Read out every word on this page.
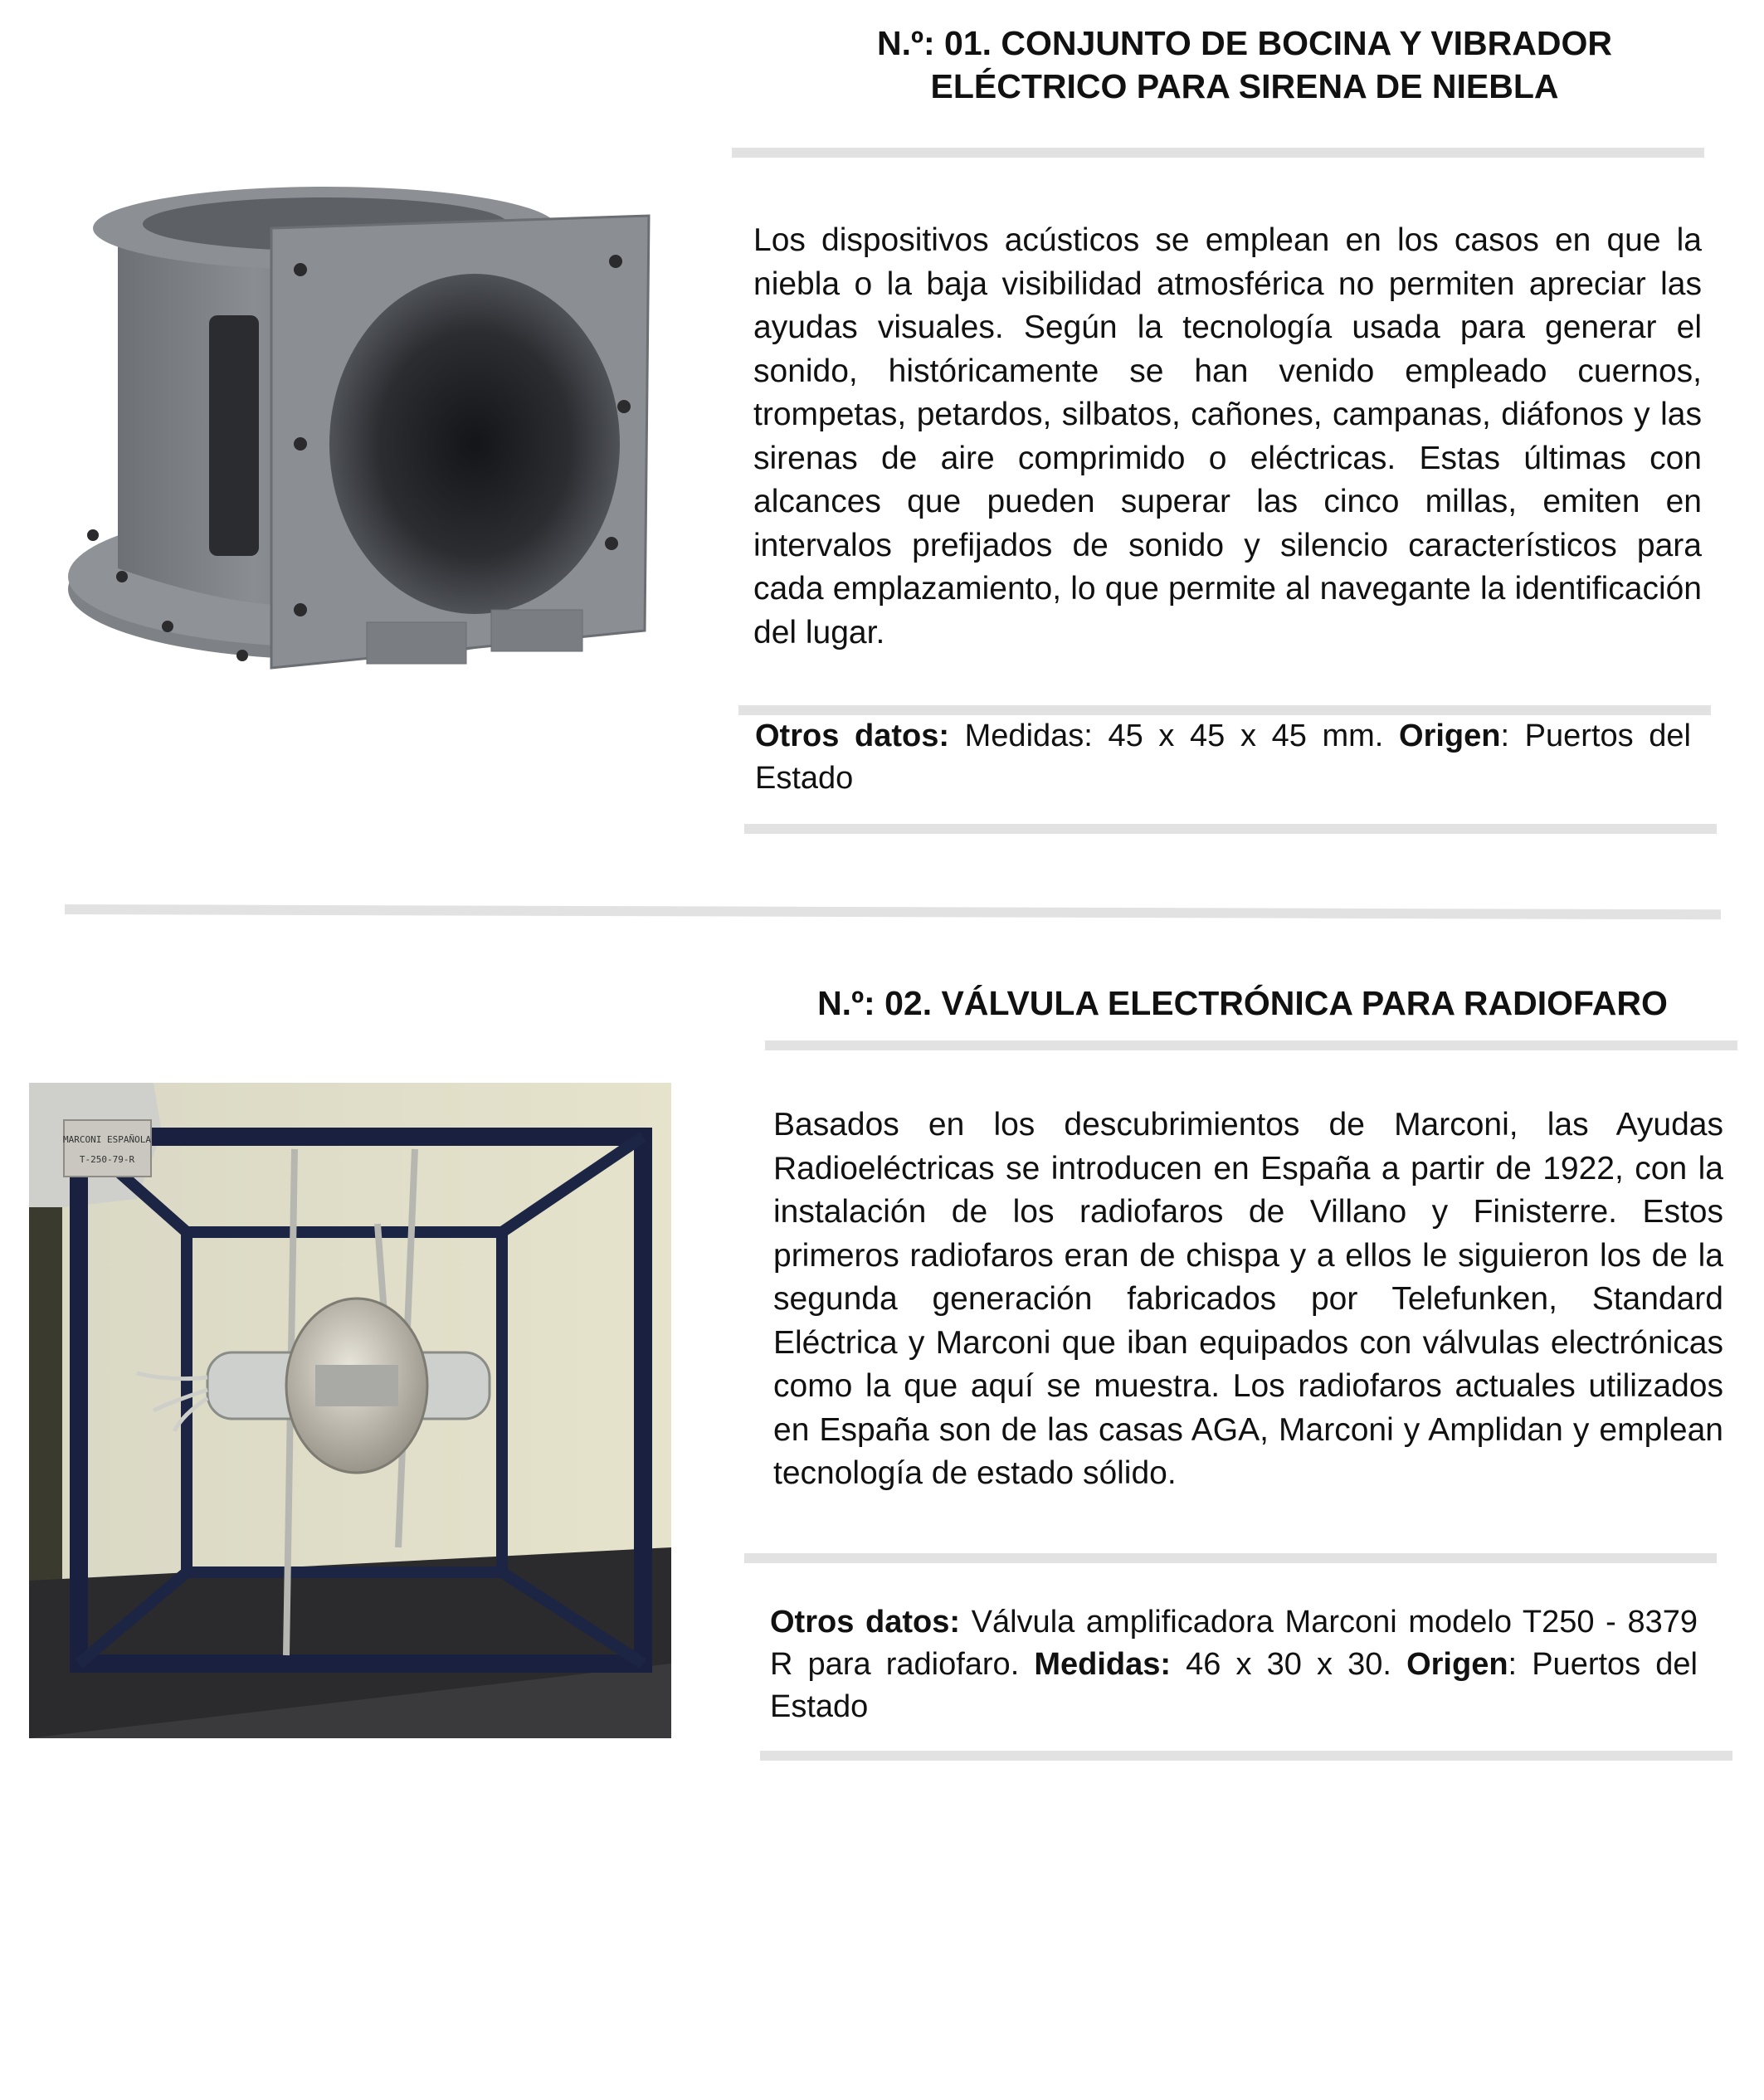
N.º: 01. CONJUNTO DE BOCINA Y VIBRADOR
ELÉCTRICO PARA SIRENA DE NIEBLA
Los dispositivos acústicos se emplean en los casos en que la niebla o la baja visibilidad atmosférica no permiten apreciar las ayudas visuales. Según la tecnología usada para generar el sonido, históricamente se han venido empleado cuernos, trompetas, petardos, silbatos, cañones, campanas, diáfonos y las sirenas de aire comprimido o eléctricas. Estas últimas con alcances que pueden superar las cinco millas, emiten en intervalos prefijados de sonido y silencio característicos para cada emplazamiento, lo que permite al navegante la identificación del lugar.
Otros datos: Medidas: 45 x 45 x 45 mm. Origen: Puertos del Estado
N.º: 02. VÁLVULA ELECTRÓNICA PARA RADIOFARO
MARCONI ESPAÑOLA
T-250-79-R
Basados en los descubrimientos de Marconi, las Ayudas Radioeléctricas se introducen en España a partir de 1922, con la instalación de los radiofaros de Villano y Finisterre. Estos primeros radiofaros eran de chispa y a ellos le siguieron los de la segunda generación fabricados por Telefunken, Standard Eléctrica y Marconi que iban equipados con válvulas electrónicas como la que aquí se muestra. Los radiofaros actuales utilizados en España son de las casas AGA, Marconi y Amplidan y emplean tecnología de estado sólido.
Otros datos: Válvula amplificadora Marconi modelo T250 - 8379 R para radiofaro. Medidas: 46 x 30 x 30. Origen: Puertos del Estado
